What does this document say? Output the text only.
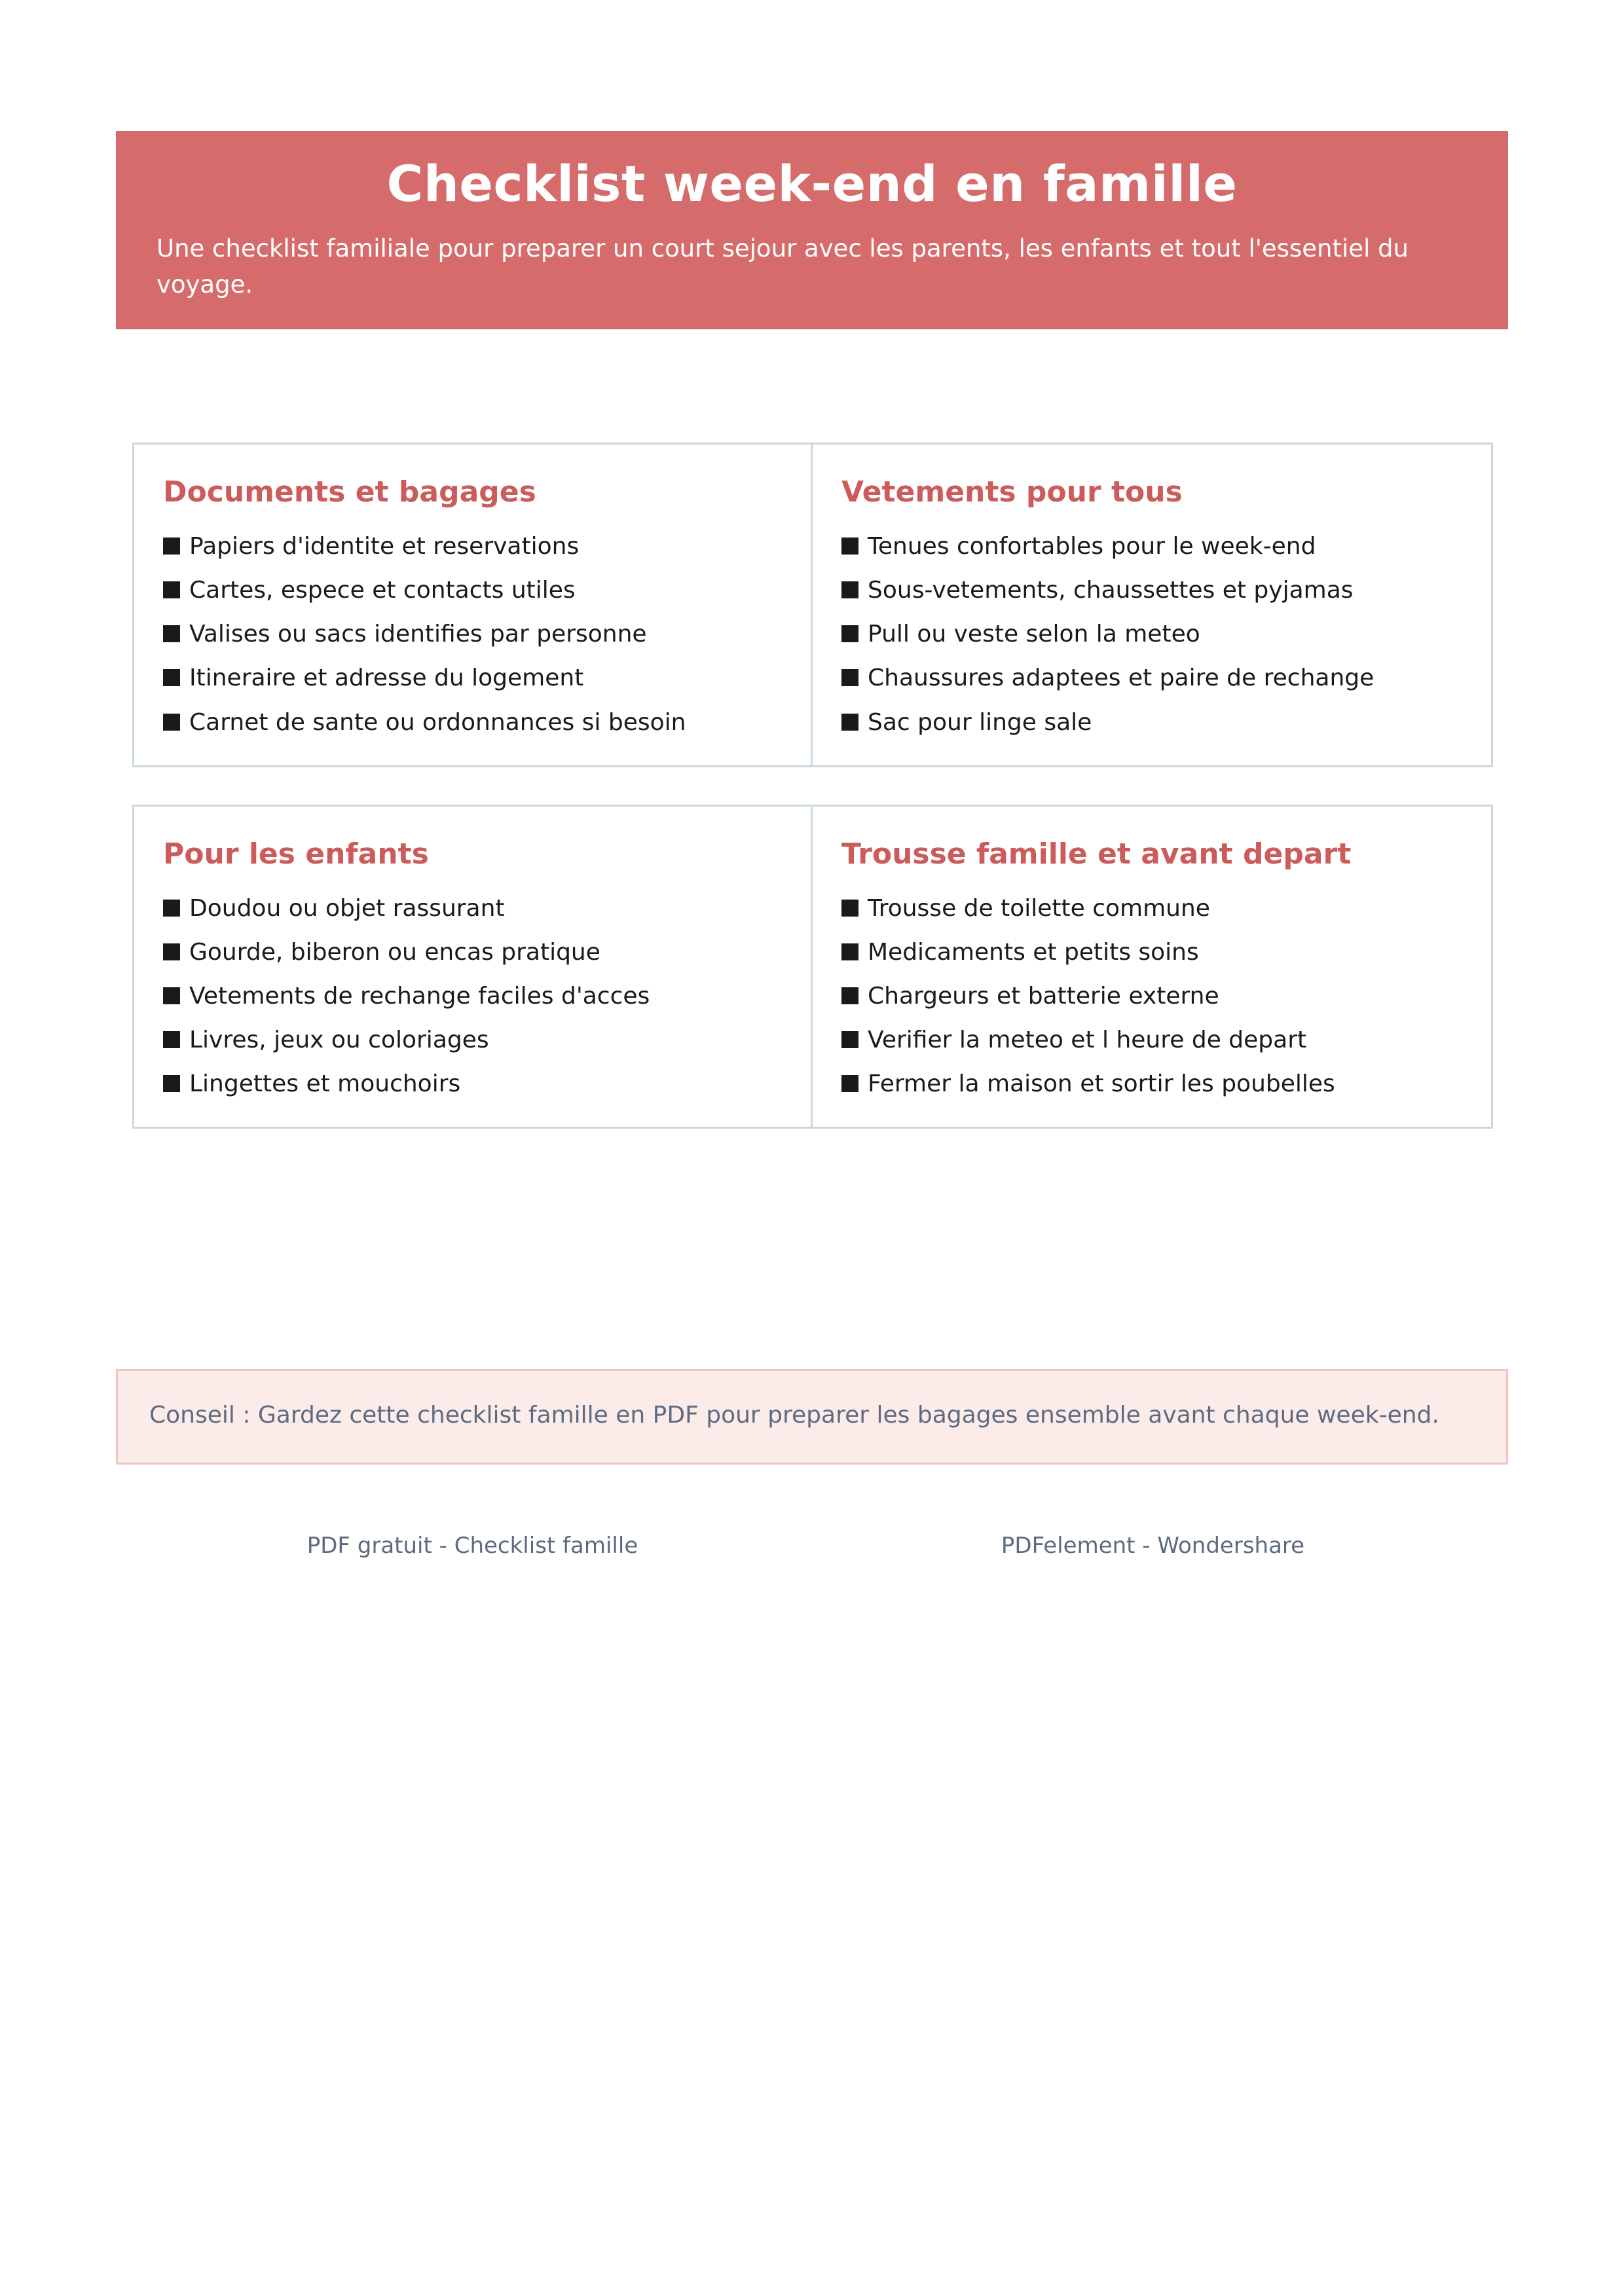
Checklist week-end en famille

Une checklist familiale pour preparer un court sejour avec les parents, les enfants et tout l'essentiel du voyage.

Documents et bagages
Papiers d'identite et reservations
Cartes, espece et contacts utiles
Valises ou sacs identifies par personne
Itineraire et adresse du logement
Carnet de sante ou ordonnances si besoin
Vetements pour tous
Tenues confortables pour le week-end
Sous-vetements, chaussettes et pyjamas
Pull ou veste selon la meteo
Chaussures adaptees et paire de rechange
Sac pour linge sale
Pour les enfants
Doudou ou objet rassurant
Gourde, biberon ou encas pratique
Vetements de rechange faciles d'acces
Livres, jeux ou coloriages
Lingettes et mouchoirs
Trousse famille et avant depart
Trousse de toilette commune
Medicaments et petits soins
Chargeurs et batterie externe
Verifier la meteo et l heure de depart
Fermer la maison et sortir les poubelles

Conseil : Gardez cette checklist famille en PDF pour preparer les bagages ensemble avant chaque week-end.

PDF gratuit - Checklist famille	PDFelement - Wondershare
